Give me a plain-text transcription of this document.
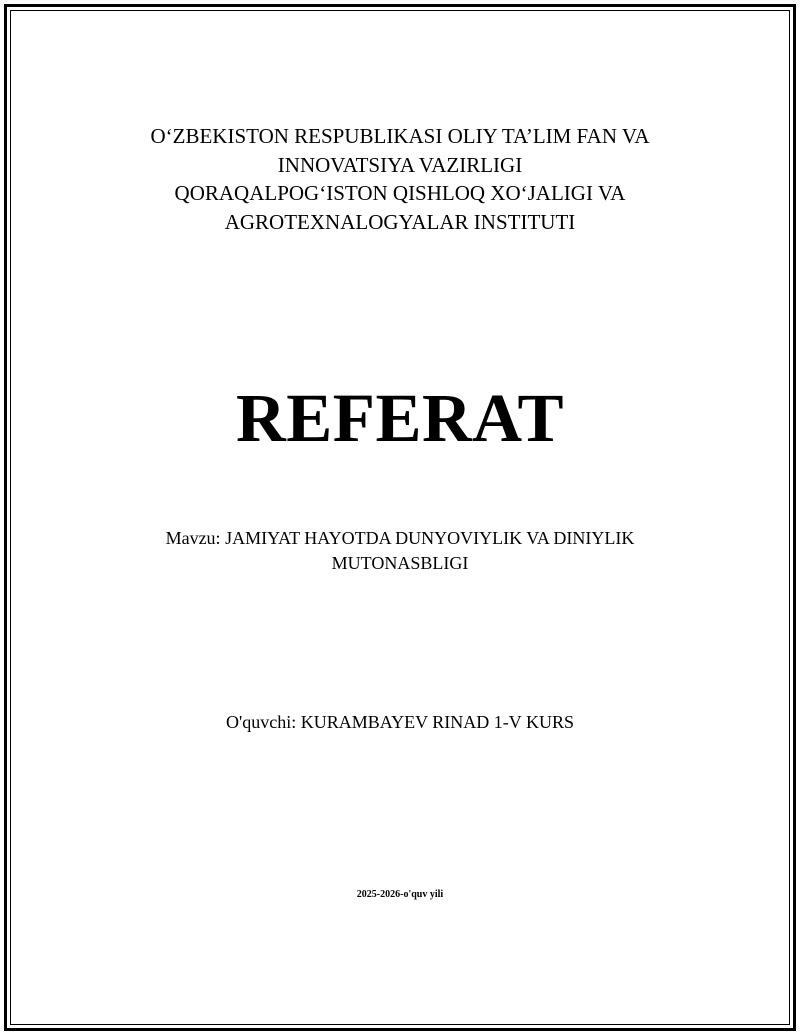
O‘ZBEKISTON RESPUBLIKASI OLIY TA’LIM FAN VA
INNOVATSIYA VAZIRLIGI
QORAQALPOG‘ISTON QISHLOQ XO‘JALIGI VA
AGROTEXNALOGYALAR INSTITUTI
REFERAT
Mavzu: JAMIYAT HAYOTDA DUNYOVIYLIK VA DINIYLIK
MUTONASBLIGI
O'quvchi: KURAMBAYEV RINAD 1-V KURS
2025-2026-o'quv yili
